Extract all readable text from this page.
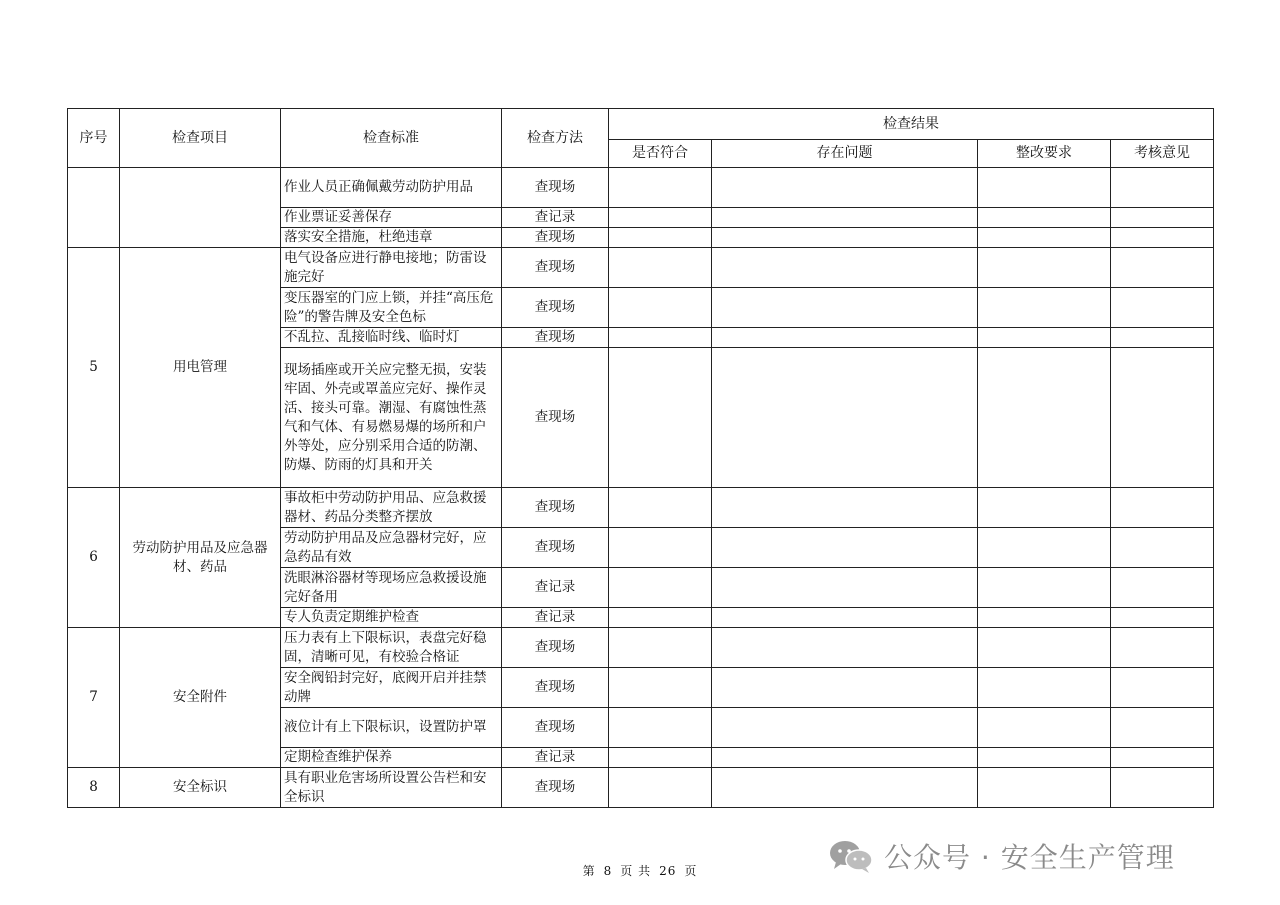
序号	检查项目	检查标准	检查方法	检查结果			
				是否符合	存在问题	整改要求	考核意见
		作业人员正确佩戴劳动防护用品	查现场				
		作业票证妥善保存	查记录				
		落实安全措施，杜绝违章	查现场				
5	用电管理	电气设备应进行静电接地；防雷设施完好	查现场				
		变压器室的门应上锁，并挂“高压危险”的警告牌及安全色标	查现场				
		不乱拉、乱接临时线、临时灯	查现场				
		现场插座或开关应完整无损，安装牢固、外壳或罩盖应完好、操作灵活、接头可靠。潮湿、有腐蚀性蒸气和气体、有易燃易爆的场所和户外等处，应分别采用合适的防潮、防爆、防雨的灯具和开关	查现场				
6	劳动防护用品及应急器材、药品	事故柜中劳动防护用品、应急救援器材、药品分类整齐摆放	查现场				
		劳动防护用品及应急器材完好，应急药品有效	查现场				
		洗眼淋浴器材等现场应急救援设施完好备用	查记录				
		专人负责定期维护检查	查记录				
7	安全附件	压力表有上下限标识，表盘完好稳固，清晰可见，有校验合格证	查现场				
		安全阀铅封完好，底阀开启并挂禁动牌	查现场				
		液位计有上下限标识，设置防护罩	查现场				
		定期检查维护保养	查记录				
8	安全标识	具有职业危害场所设置公告栏和安全标识	查现场				
第 8 页 共 26 页	公众号 · 安全生产管理
